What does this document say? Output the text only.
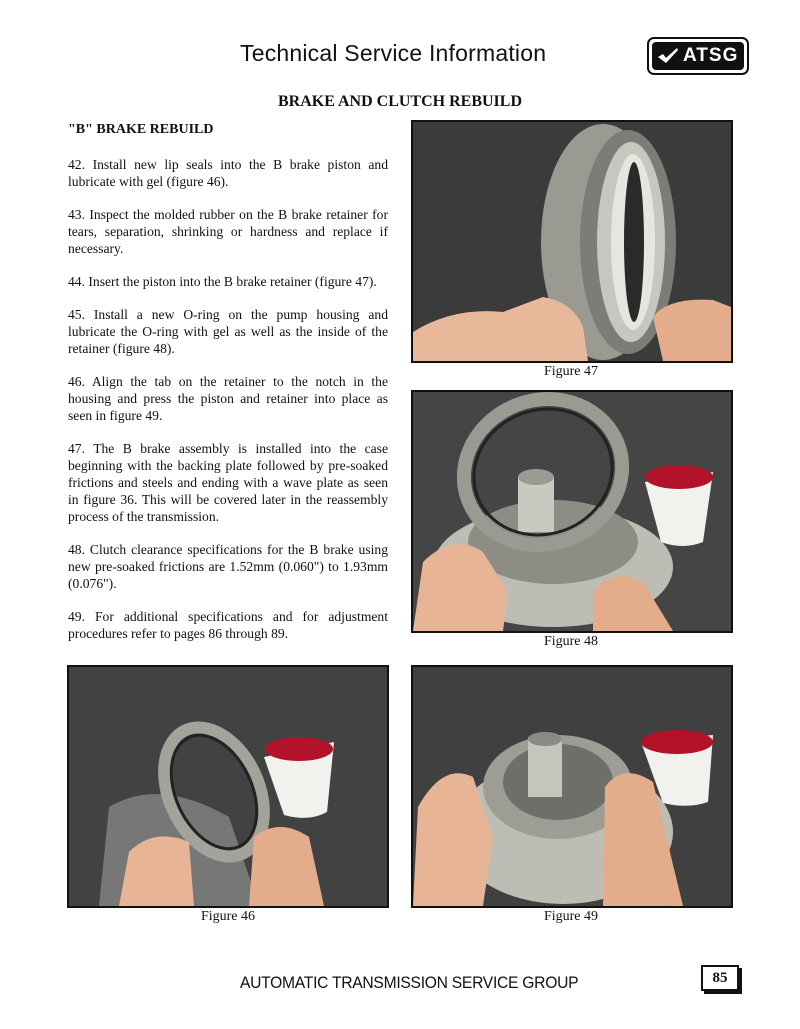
Technical Service Information	ATSG
BRAKE AND CLUTCH REBUILD
"B" BRAKE REBUILD

42. Install new lip seals into the B brake piston and lubricate with gel (figure 46).

43. Inspect the molded rubber on the B brake retainer for tears, separation, shrinking or hardness and replace if necessary.

44. Insert the piston into the B brake retainer (figure 47).

45. Install a new O-ring on the pump housing and lubricate the O-ring with gel as well as the inside of the retainer (figure 48).

46. Align the tab on the retainer to the notch in the housing and press the piston and retainer into place as seen in figure 49.

47. The B brake assembly is installed into the case beginning with the backing plate followed by pre-soaked frictions and steels and ending with a wave plate as seen in figure 36. This will be covered later in the reassembly process of the transmission.

48. Clutch clearance specifications for the B brake using new pre-soaked frictions are 1.52mm (0.060") to 1.93mm (0.076").

49. For additional specifications and for adjustment procedures refer to pages 86 through 89.

Figure 47
Figure 48
Figure 46	Figure 49
AUTOMATIC TRANSMISSION SERVICE GROUP	85
